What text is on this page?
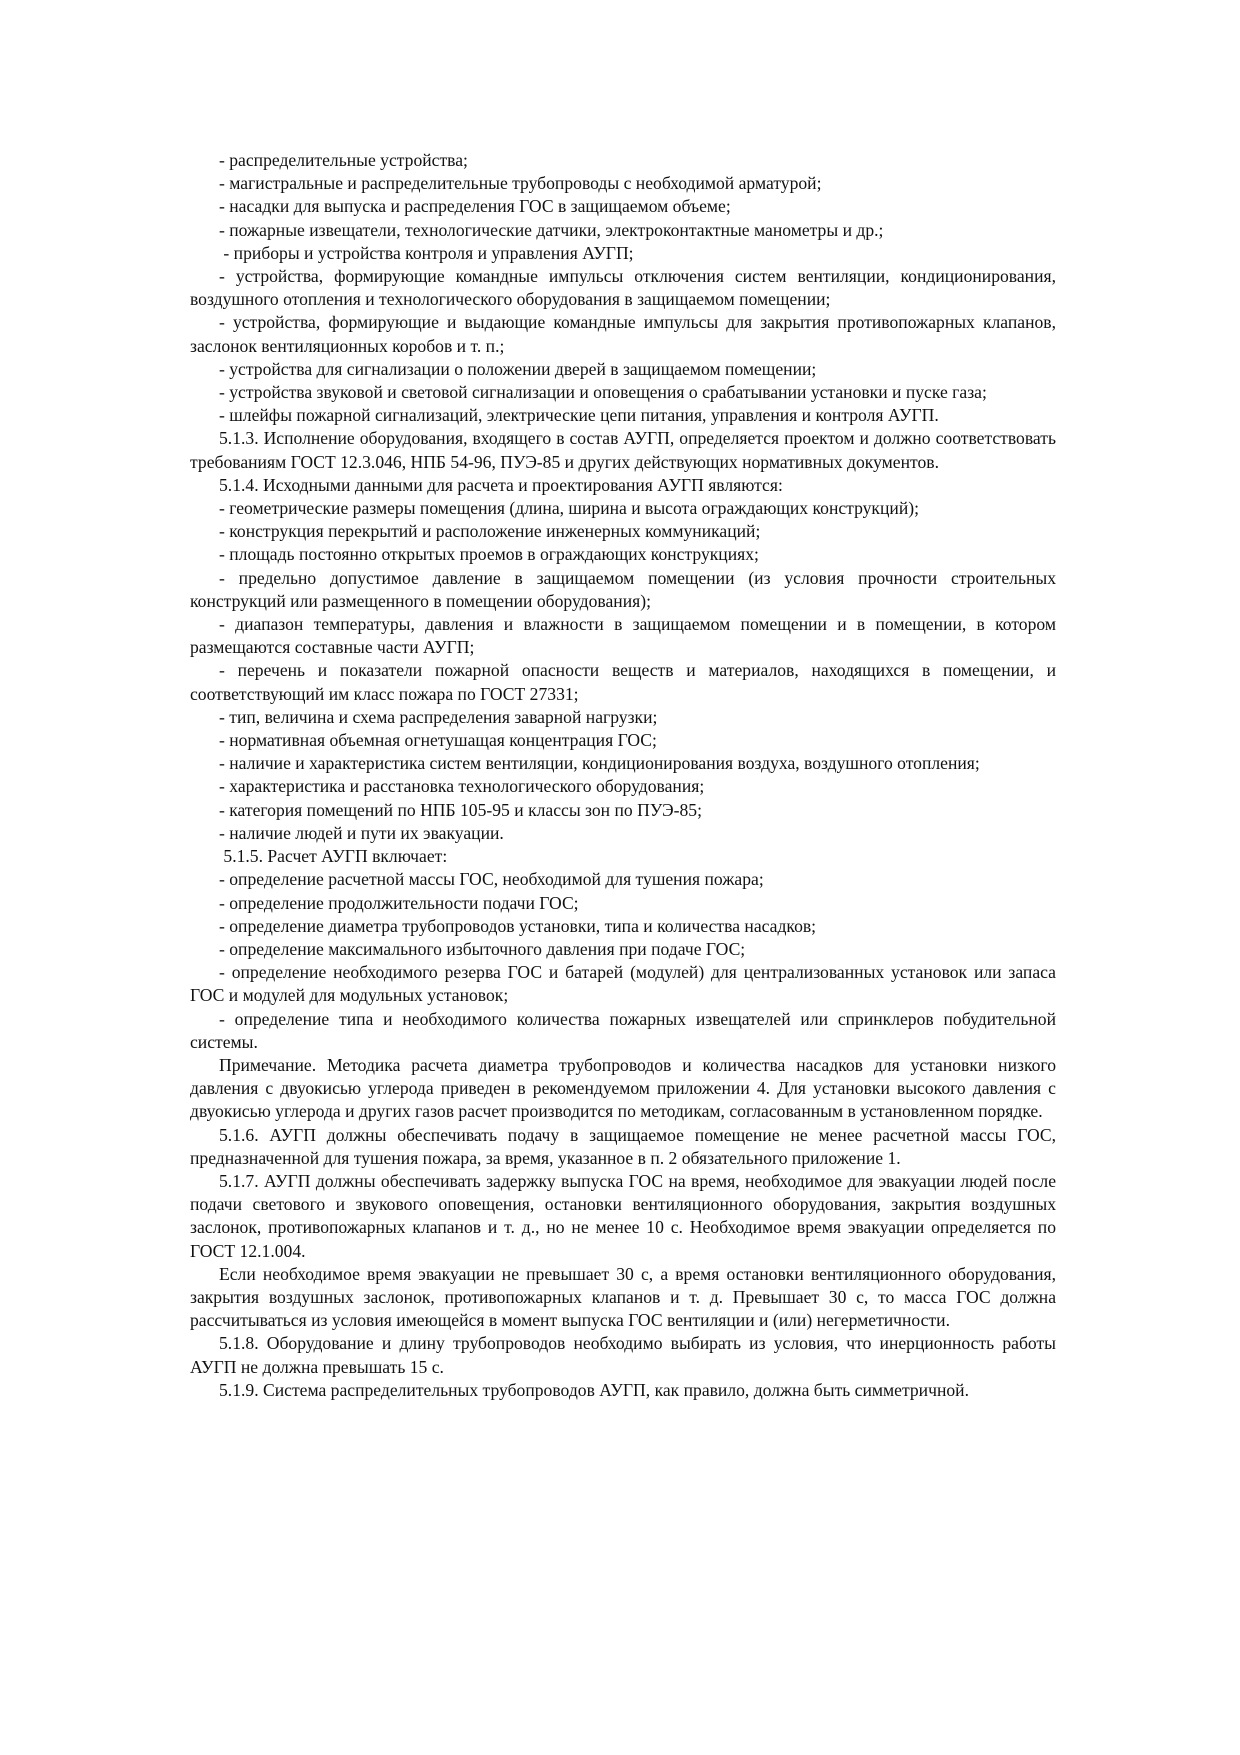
- распределительные устройства;

- магистральные и распределительные трубопроводы с необходимой арматурой;

- насадки для выпуска и распределения ГОС в защищаемом объеме;

- пожарные извещатели, технологические датчики, электроконтактные манометры и др.;

- приборы и устройства контроля и управления АУГП;

- устройства, формирующие командные импульсы отключения систем вентиляции, кондиционирования, воздушного отопления и технологического оборудования в защищаемом помещении;

- устройства, формирующие и выдающие командные импульсы для закрытия противопожарных клапанов, заслонок вентиляционных коробов и т. п.;

- устройства для сигнализации о положении дверей в защищаемом помещении;

- устройства звуковой и световой сигнализации и оповещения о срабатывании установки и пуске газа;

- шлейфы пожарной сигнализаций, электрические цепи питания, управления и контроля АУГП.

5.1.3. Исполнение оборудования, входящего в состав АУГП, определяется проектом и должно соответствовать требованиям ГОСТ 12.3.046, НПБ 54-96, ПУЭ-85 и других действующих нормативных документов.

5.1.4. Исходными данными для расчета и проектирования АУГП являются:

- геометрические размеры помещения (длина, ширина и высота ограждающих конструкций);

- конструкция перекрытий и расположение инженерных коммуникаций;

- площадь постоянно открытых проемов в ограждающих конструкциях;

- предельно допустимое давление в защищаемом помещении (из условия прочности строительных конструкций или размещенного в помещении оборудования);

- диапазон температуры, давления и влажности в защищаемом помещении и в помещении, в котором размещаются составные части АУГП;

- перечень и показатели пожарной опасности веществ и материалов, находящихся в помещении, и соответствующий им класс пожара по ГОСТ 27331;

- тип, величина и схема распределения заварной нагрузки;

- нормативная объемная огнетушащая концентрация ГОС;

- наличие и характеристика систем вентиляции, кондиционирования воздуха, воздушного отопления;

- характеристика и расстановка технологического оборудования;

- категория помещений по НПБ 105-95 и классы зон по ПУЭ-85;

- наличие людей и пути их эвакуации.

5.1.5. Расчет АУГП включает:

- определение расчетной массы ГОС, необходимой для тушения пожара;

- определение продолжительности подачи ГОС;

- определение диаметра трубопроводов установки, типа и количества насадков;

- определение максимального избыточного давления при подаче ГОС;

- определение необходимого резерва ГОС и батарей (модулей) для централизованных установок или запаса ГОС и модулей для модульных установок;

- определение типа и необходимого количества пожарных извещателей или спринклеров побудительной системы.

Примечание. Методика расчета диаметра трубопроводов и количества насадков для установки низкого давления с двуокисью углерода приведен в рекомендуемом приложении 4. Для установки высокого давления с двуокисью углерода и других газов расчет производится по методикам, согласованным в установленном порядке.

5.1.6. АУГП должны обеспечивать подачу в защищаемое помещение не менее расчетной массы ГОС, предназначенной для тушения пожара, за время, указанное в п. 2 обязательного приложение 1.

5.1.7. АУГП должны обеспечивать задержку выпуска ГОС на время, необходимое для эвакуации людей после подачи светового и звукового оповещения, остановки вентиляционного оборудования, закрытия воздушных заслонок, противопожарных клапанов и т. д., но не менее 10 с. Необходимое время эвакуации определяется по ГОСТ 12.1.004.

Если необходимое время эвакуации не превышает 30 с, а время остановки вентиляционного оборудования, закрытия воздушных заслонок, противопожарных клапанов и т. д. Превышает 30 с, то масса ГОС должна рассчитываться из условия имеющейся в момент выпуска ГОС вентиляции и (или) негерметичности.

5.1.8. Оборудование и длину трубопроводов необходимо выбирать из условия, что инерционность работы АУГП не должна превышать 15 с.

5.1.9. Система распределительных трубопроводов АУГП, как правило, должна быть симметричной.
